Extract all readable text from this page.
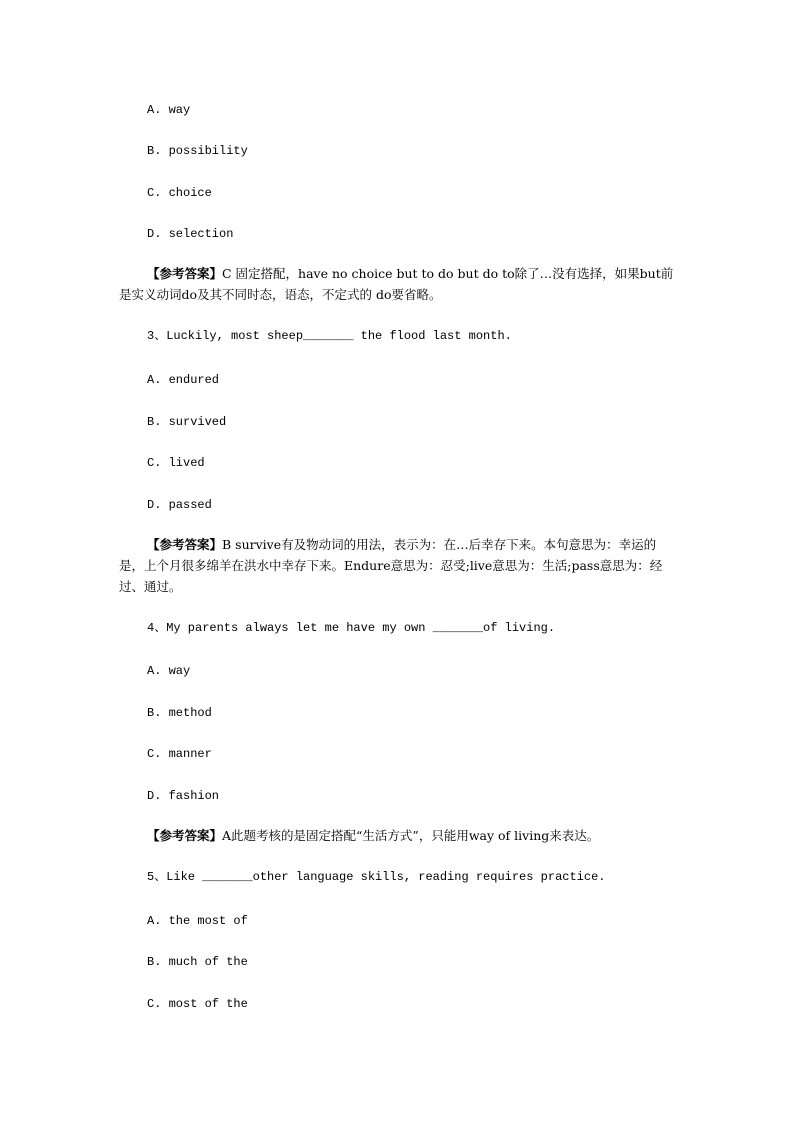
A. way
B. possibility
C. choice
D. selection
【参考答案】C 固定搭配，have no choice but to do but do to除了…没有选择，如果but前是实义动词do及其不同时态，语态，不定式的 do要省略。
3、Luckily, most sheep_______ the flood last month.
A. endured
B. survived
C. lived
D. passed
【参考答案】B survive有及物动词的用法，表示为：在…后幸存下来。本句意思为：幸运的是，上个月很多绵羊在洪水中幸存下来。Endure意思为：忍受;live意思为：生活;pass意思为：经过、通过。
4、My parents always let me have my own _______of living.
A. way
B. method
C. manner
D. fashion
【参考答案】A此题考核的是固定搭配“生活方式”，只能用way of living来表达。
5、Like _______other language skills, reading requires practice.
A. the most of
B. much of the
C. most of the
